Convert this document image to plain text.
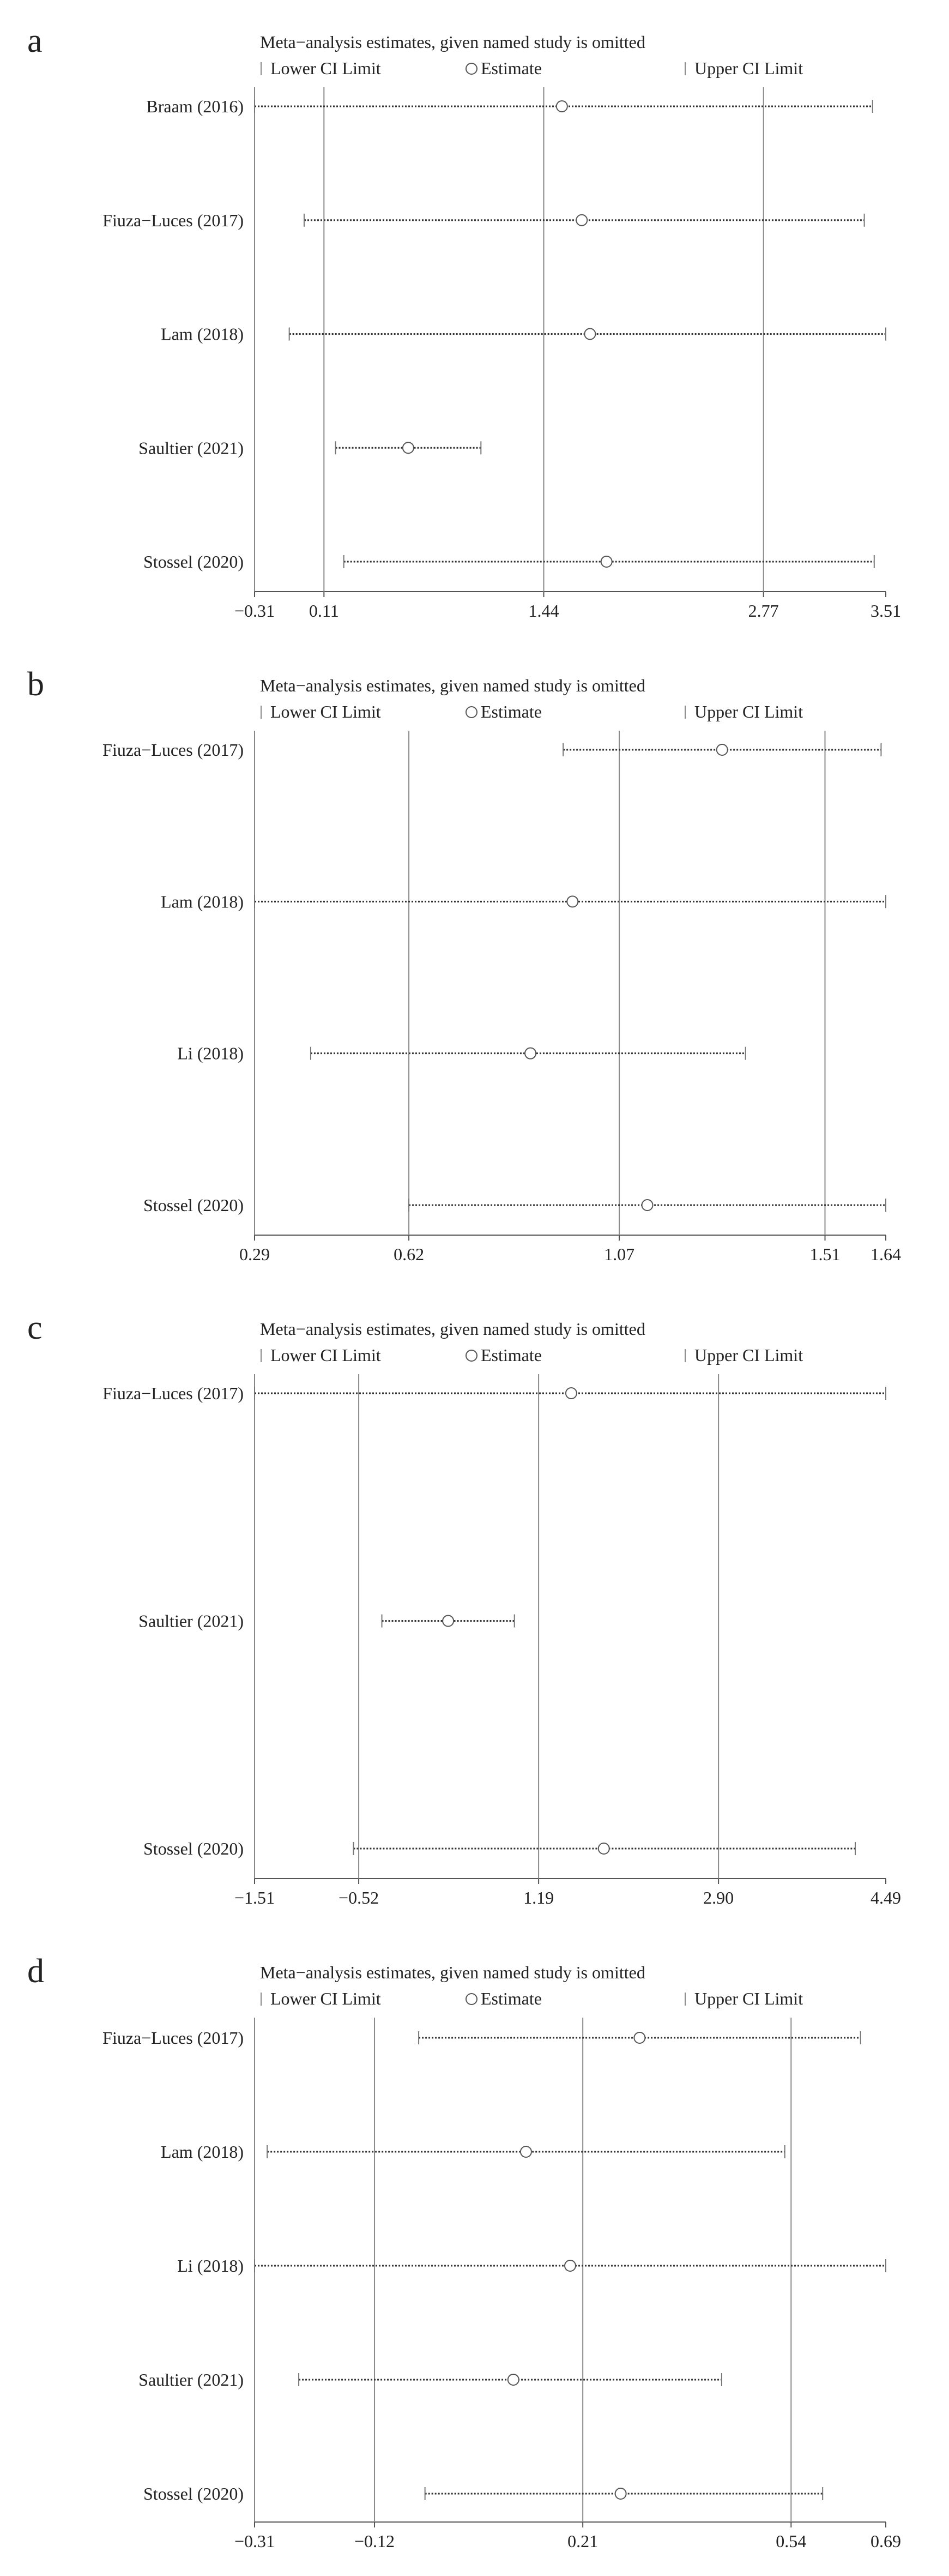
a	Meta−analysis estimates, given named study is omitted
Lower CI Limit	Estimate	Upper CI Limit
−0.31 0.11	1.44	2.77	3.51
Braam (2016)
Fiuza−Luces (2017)
Lam (2018)
Saultier (2021)
Stossel (2020)
b	Meta−analysis estimates, given named study is omitted
Lower CI Limit	Estimate	Upper CI Limit
0.29	0.62	1.07	1.51 1.64
Fiuza−Luces (2017)
Lam (2018)
Li (2018)
Stossel (2020)
c	Meta−analysis estimates, given named study is omitted
Lower CI Limit	Estimate	Upper CI Limit
−1.51	−0.52	1.19	2.90	4.49
Fiuza−Luces (2017)
Saultier (2021)
Stossel (2020)
d	Meta−analysis estimates, given named study is omitted
Lower CI Limit	Estimate	Upper CI Limit
−0.31	−0.12	0.21	0.54	0.69
Fiuza−Luces (2017)
Lam (2018)
Li (2018)
Saultier (2021)
Stossel (2020)
